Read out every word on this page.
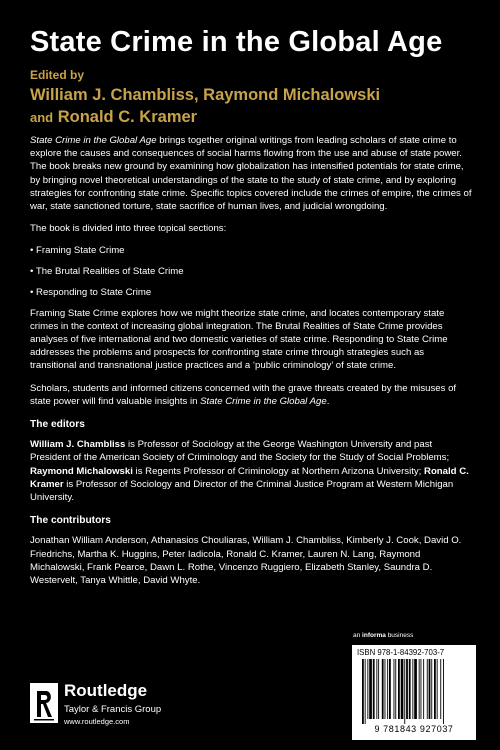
State Crime in the Global Age
Edited by
William J. Chambliss, Raymond Michalowski
and Ronald C. Kramer

State Crime in the Global Age brings together original writings from leading scholars of state crime to explore the causes and consequences of social harms flowing from the use and abuse of state power. The book breaks new ground by examining how globalization has intensified potentials for state crime, by bringing novel theoretical understandings of the state to the study of state crime, and by exploring strategies for confronting state crime. Specific topics covered include the crimes of empire, the crimes of war, state sanctioned torture, state sacrifice of human lives, and judicial wrongdoing.

The book is divided into three topical sections:

• Framing State Crime

• The Brutal Realities of State Crime

• Responding to State Crime

Framing State Crime explores how we might theorize state crime, and locates contemporary state crimes in the context of increasing global integration. The Brutal Realities of State Crime provides analyses of five international and two domestic varieties of state crime. Responding to State Crime addresses the problems and prospects for confronting state crime through strategies such as transitional and transnational justice practices and a ‘public criminology’ of state crime.

Scholars, students and informed citizens concerned with the grave threats created by the misuses of state power will find valuable insights in State Crime in the Global Age.

The editors

William J. Chambliss is Professor of Sociology at the George Washington University and past President of the American Society of Criminology and the Society for the Study of Social Problems; Raymond Michalowski is Regents Professor of Criminology at Northern Arizona University; Ronald C. Kramer is Professor of Sociology and Director of the Criminal Justice Program at Western Michigan University.

The contributors

Jonathan William Anderson, Athanasios Chouliaras, William J. Chambliss, Kimberly J. Cook, David O. Friedrichs, Martha K. Huggins, Peter Iadicola, Ronald C. Kramer, Lauren N. Lang, Raymond Michalowski, Frank Pearce, Dawn L. Rothe, Vincenzo Ruggiero, Elizabeth Stanley, Saundra D. Westervelt, Tanya Whittle, David Whyte.

Routledge
Taylor & Francis Group
www.routledge.com
an informa business
ISBN 978-1-84392-703-7
9 781843 927037
